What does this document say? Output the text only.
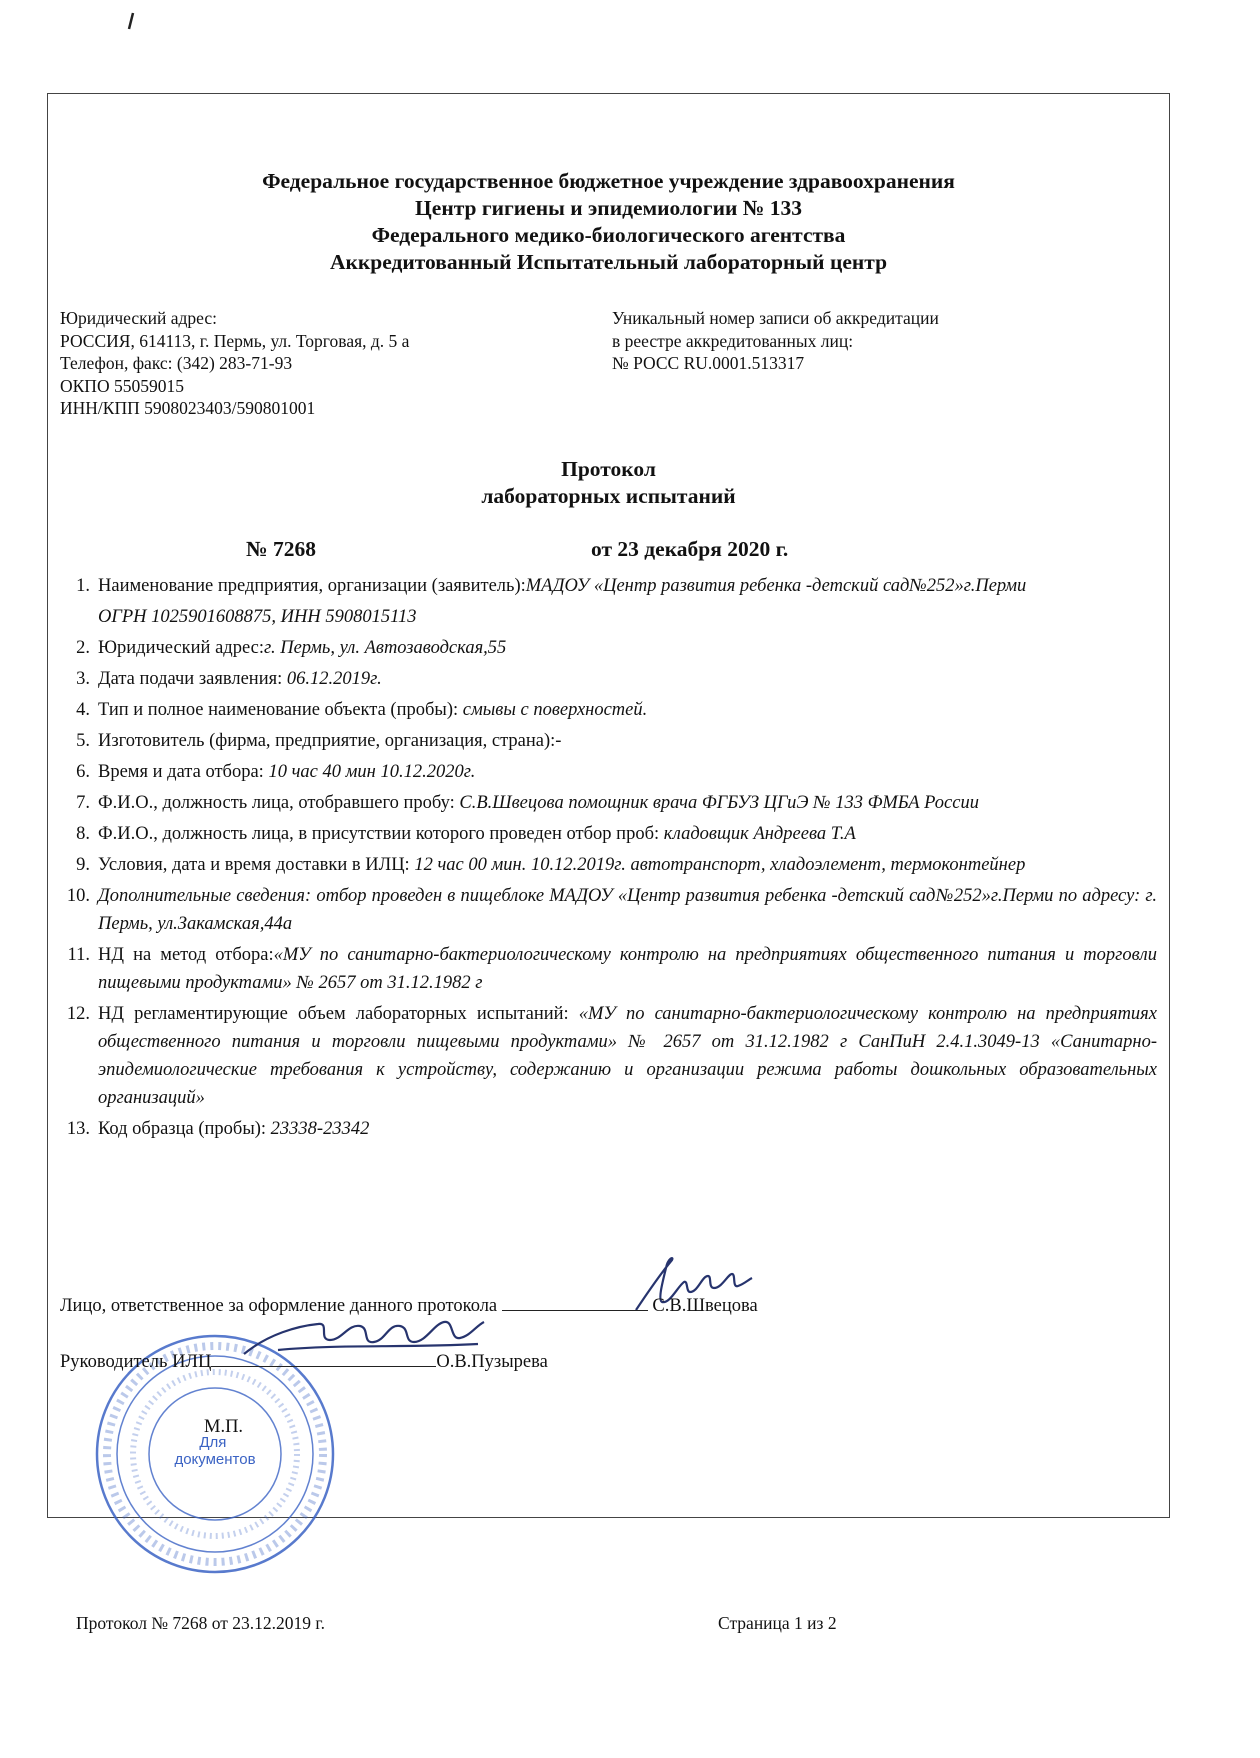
Федеральное государственное бюджетное учреждение здравоохранения
Центр гигиены и эпидемиологии № 133
Федерального медико-биологического агентства
Аккредитованный Испытательный лабораторный центр
Юридический адрес:
РОССИЯ, 614113, г. Пермь, ул. Торговая, д. 5 а
Телефон, факс: (342) 283-71-93
ОКПО 55059015
ИНН/КПП 5908023403/590801001
Уникальный номер записи об аккредитации
в реестре аккредитованных лиц:
№ РОСС RU.0001.513317
Протокол
лабораторных испытаний
№ 7268	от 23 декабря 2020 г.
1. Наименование предприятия, организации (заявитель):МАДОУ «Центр развития ребенка -детский сад№252»г.Перми
ОГРН 1025901608875, ИНН 5908015113
2. Юридический адрес:г. Пермь, ул. Автозаводская,55
3. Дата подачи заявления: 06.12.2019г.
4. Тип и полное наименование объекта (пробы): смывы с поверхностей.
5. Изготовитель (фирма, предприятие, организация, страна):-
6. Время и дата отбора: 10 час 40 мин 10.12.2020г.
7. Ф.И.О., должность лица, отобравшего пробу: С.В.Швецова помощник врача ФГБУЗ ЦГиЭ № 133 ФМБА России
8. Ф.И.О., должность лица, в присутствии которого проведен отбор проб: кладовщик Андреева Т.А
9. Условия, дата и время доставки в ИЛЦ: 12 час 00 мин. 10.12.2019г. автотранспорт, хладоэлемент, термоконтейнер
10. Дополнительные сведения: отбор проведен в пищеблоке МАДОУ «Центр развития ребенка -детский сад№252»г.Перми по адресу: г. Пермь, ул.Закамская,44а
11. НД на метод отбора:«МУ по санитарно-бактериологическому контролю на предприятиях общественного питания и торговли пищевыми продуктами» № 2657 от 31.12.1982 г
12. НД регламентирующие объем лабораторных испытаний: «МУ по санитарно-бактериологическому контролю на предприятиях общественного питания и торговли пищевыми продуктами» № 2657 от 31.12.1982 г СанПиН 2.4.1.3049-13 «Санитарно-эпидемиологические требования к устройству, содержанию и организации режима работы дошкольных образовательных организаций»
13. Код образца (пробы): 23338-23342
Для документов
Лицо, ответственное за оформление данного протокола	С.В.Швецова
Руководитель ИЛЦ	О.В.Пузырева
М.П.
Протокол № 7268 от 23.12.2019 г.	Страница 1 из 2
